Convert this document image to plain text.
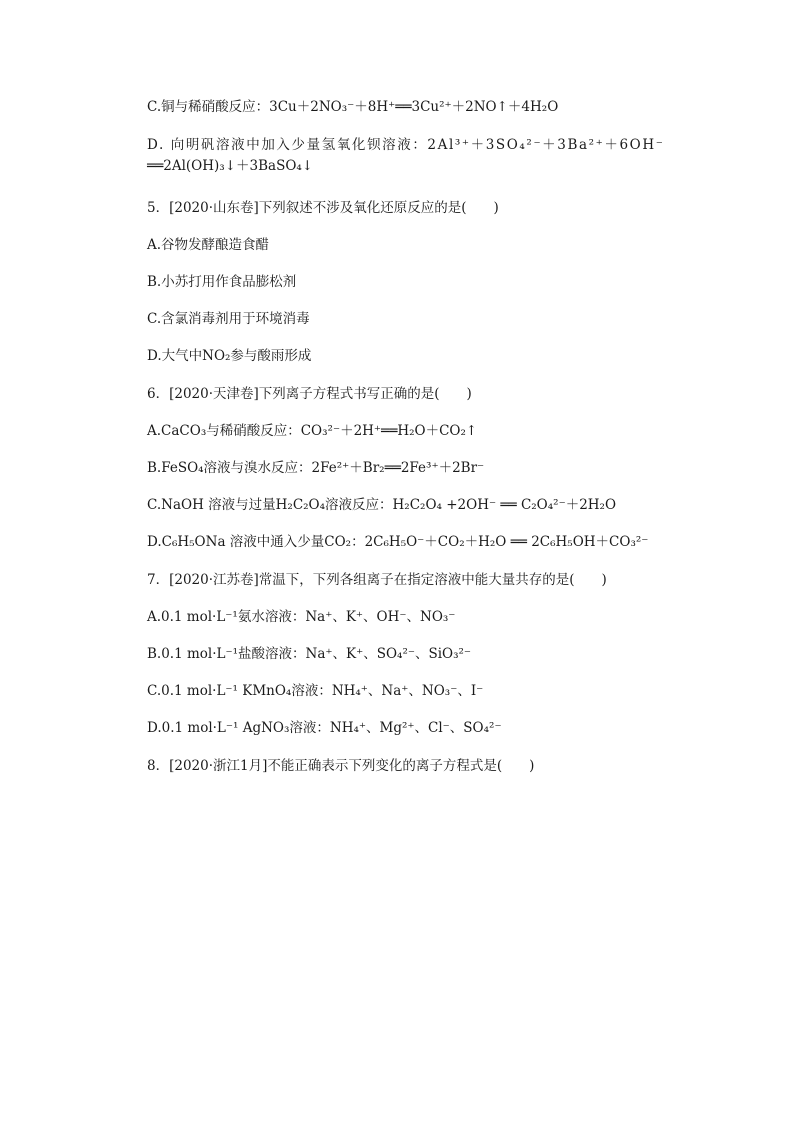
C.铜与稀硝酸反应：3Cu＋2NO₃⁻＋8H⁺══3Cu²⁺＋2NO↑＋4H₂O
D. 向明矾溶液中加入少量氢氧化钡溶液：2Al³⁺＋3SO₄²⁻＋3Ba²⁺＋6OH⁻
══2Al(OH)₃↓＋3BaSO₄↓
5．[2020·山东卷]下列叙述不涉及氧化还原反应的是(　　)
A.谷物发酵酿造食醋
B.小苏打用作食品膨松剂
C.含氯消毒剂用于环境消毒
D.大气中NO₂参与酸雨形成
6．[2020·天津卷]下列离子方程式书写正确的是(　　)
A.CaCO₃与稀硝酸反应：CO₃²⁻＋2H⁺══H₂O＋CO₂↑
B.FeSO₄溶液与溴水反应：2Fe²⁺＋Br₂══2Fe³⁺＋2Br⁻
C.NaOH 溶液与过量H₂C₂O₄溶液反应：H₂C₂O₄ +2OH⁻ ══ C₂O₄²⁻＋2H₂O
D.C₆H₅ONa 溶液中通入少量CO₂：2C₆H₅O⁻＋CO₂＋H₂O ══ 2C₆H₅OH＋CO₃²⁻
7．[2020·江苏卷]常温下，下列各组离子在指定溶液中能大量共存的是(　　)
A.0.1 mol·L⁻¹氨水溶液：Na⁺、K⁺、OH⁻、NO₃⁻
B.0.1 mol·L⁻¹盐酸溶液：Na⁺、K⁺、SO₄²⁻、SiO₃²⁻
C.0.1 mol·L⁻¹ KMnO₄溶液：NH₄⁺、Na⁺、NO₃⁻、I⁻
D.0.1 mol·L⁻¹ AgNO₃溶液：NH₄⁺、Mg²⁺、Cl⁻、SO₄²⁻
8．[2020·浙江1月]不能正确表示下列变化的离子方程式是(　　)
